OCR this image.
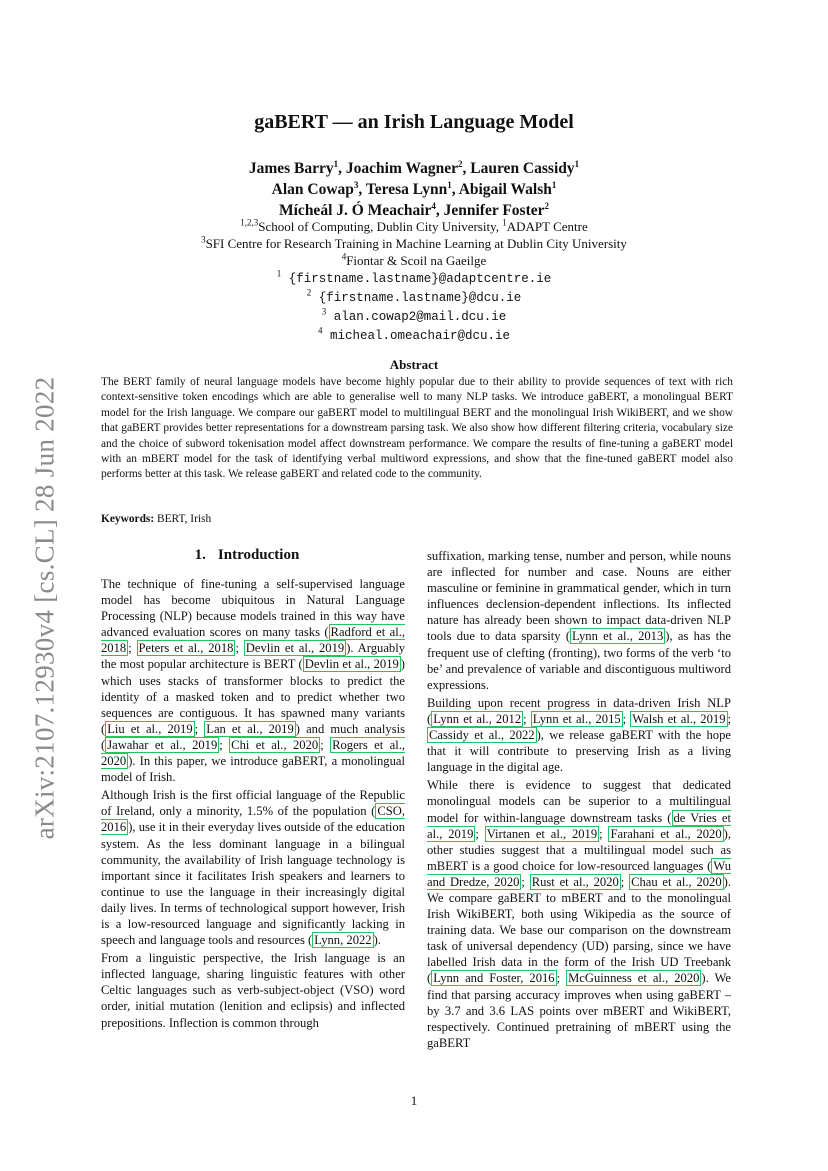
arXiv:2107.12930v4 [cs.CL] 28 Jun 2022
gaBERT — an Irish Language Model
James Barry$^1$, Joachim Wagner$^2$, Lauren Cassidy$^1$
Alan Cowap$^3$, Teresa Lynn$^1$, Abigail Walsh$^1$
Mícheál J. Ó Meachair$^4$, Jennifer Foster$^2$
$^{1,2,3}$School of Computing, Dublin City University, $^1$ADAPT Centre
$^3$SFI Centre for Research Training in Machine Learning at Dublin City University
$^4$Fiontar & Scoil na Gaeilge
$^1$ {firstname.lastname}@adaptcentre.ie
$^2$ {firstname.lastname}@dcu.ie
$^3$ alan.cowap2@mail.dcu.ie
$^4$ micheal.omeachair@dcu.ie
Abstract
The BERT family of neural language models have become highly popular due to their ability to provide sequences of text with rich context-sensitive token encodings which are able to generalise well to many NLP tasks. We introduce gaBERT, a monolingual BERT model for the Irish language. We compare our gaBERT model to multilingual BERT and the monolingual Irish WikiBERT, and we show that gaBERT provides better representations for a downstream parsing task. We also show how different filtering criteria, vocabulary size and the choice of subword tokenisation model affect downstream performance. We compare the results of fine-tuning a gaBERT model with an mBERT model for the task of identifying verbal multiword expressions, and show that the fine-tuned gaBERT model also performs better at this task. We release gaBERT and related code to the community.
Keywords: BERT, Irish
1. Introduction

The technique of fine-tuning a self-supervised language model has become ubiquitous in Natural Language Processing (NLP) because models trained in this way have advanced evaluation scores on many tasks ( Radford et al., 2018 ; Peters et al., 2018 ; Devlin et al., 2019 ). Arguably the most popular architecture is BERT ( Devlin et al., 2019 ) which uses stacks of transformer blocks to predict the identity of a masked token and to predict whether two sequences are contiguous. It has spawned many variants ( Liu et al., 2019 ; Lan et al., 2019 ) and much analysis ( Jawahar et al., 2019 ; Chi et al., 2020 ; Rogers et al., 2020 ). In this paper, we introduce gaBERT, a monolingual model of Irish.

Although Irish is the first official language of the Republic of Ireland, only a minority, 1.5% of the population ( CSO, 2016 ), use it in their everyday lives outside of the education system. As the less dominant language in a bilingual community, the availability of Irish language technology is important since it facilitates Irish speakers and learners to continue to use the language in their increasingly digital daily lives. In terms of technological support however, Irish is a low-resourced language and significantly lacking in speech and language tools and resources ( Lynn, 2022 ).

From a linguistic perspective, the Irish language is an inflected language, sharing linguistic features with other Celtic languages such as verb-subject-object (VSO) word order, initial mutation (lenition and eclipsis) and inflected prepositions. Inflection is common through

suffixation, marking tense, number and person, while nouns are inflected for number and case. Nouns are either masculine or feminine in grammatical gender, which in turn influences declension-dependent inflections. Its inflected nature has already been shown to impact data-driven NLP tools due to data sparsity ( Lynn et al., 2013 ), as has the frequent use of clefting (fronting), two forms of the verb ‘to be’ and prevalence of variable and discontiguous multiword expressions.

Building upon recent progress in data-driven Irish NLP ( Lynn et al., 2012 ; Lynn et al., 2015 ; Walsh et al., 2019 ; Cassidy et al., 2022 ), we release gaBERT with the hope that it will contribute to preserving Irish as a living language in the digital age.

While there is evidence to suggest that dedicated monolingual models can be superior to a multilingual model for within-language downstream tasks ( de Vries et al., 2019 ; Virtanen et al., 2019 ; Farahani et al., 2020 ), other studies suggest that a multilingual model such as mBERT is a good choice for low-resourced languages ( Wu and Dredze, 2020 ; Rust et al., 2020 ; Chau et al., 2020 ). We compare gaBERT to mBERT and to the monolingual Irish WikiBERT, both using Wikipedia as the source of training data. We base our comparison on the downstream task of universal dependency (UD) parsing, since we have labelled Irish data in the form of the Irish UD Treebank ( Lynn and Foster, 2016 ; McGuinness et al., 2020 ). We find that parsing accuracy improves when using gaBERT – by 3.7 and 3.6 LAS points over mBERT and WikiBERT, respectively. Continued pretraining of mBERT using the gaBERT

1
